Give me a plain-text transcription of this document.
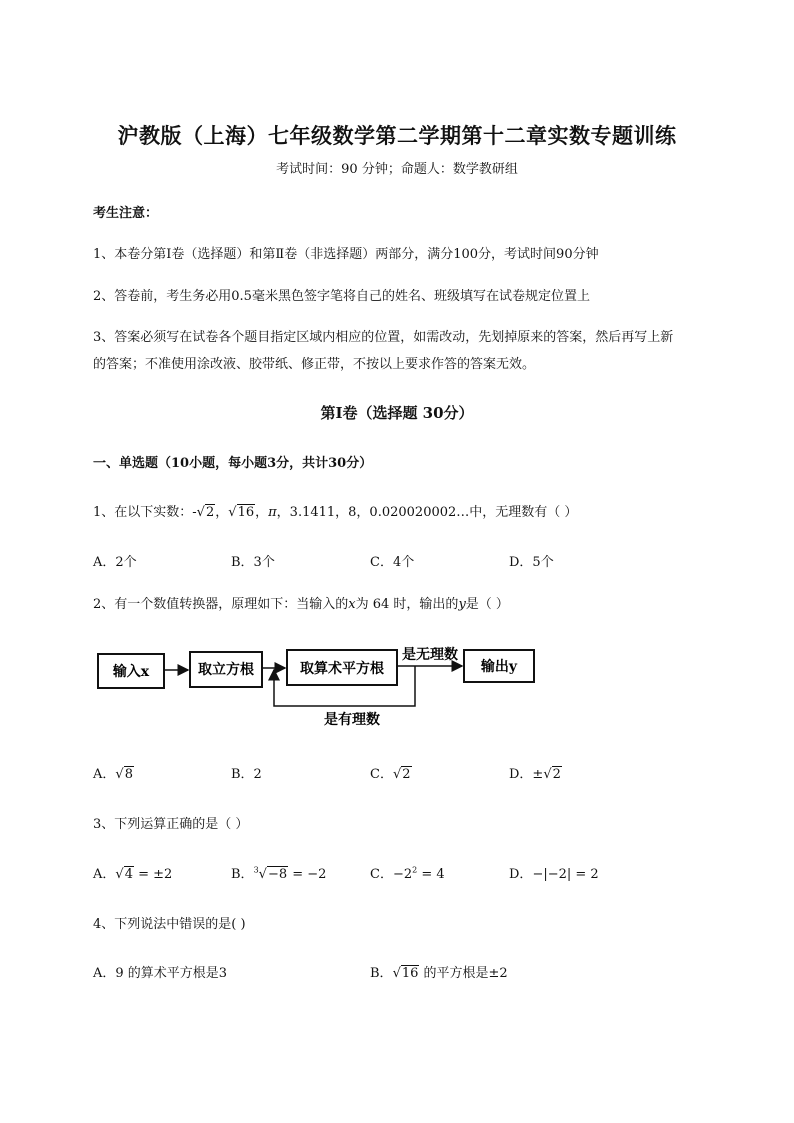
沪教版（上海）七年级数学第二学期第十二章实数专题训练
考试时间：90 分钟；命题人：数学教研组
考生注意：
1、本卷分第I卷（选择题）和第Ⅱ卷（非选择题）两部分，满分100分，考试时间90分钟
2、答卷前，考生务必用0.5毫米黑色签字笔将自己的姓名、班级填写在试卷规定位置上
3、答案必须写在试卷各个题目指定区域内相应的位置，如需改动，先划掉原来的答案，然后再写上新
的答案；不准使用涂改液、胶带纸、修正带，不按以上要求作答的答案无效。
第I卷（选择题 30分）
一、单选题（10小题，每小题3分，共计30分）
1、在以下实数：-√2，√16，π，3.1411，8，0.020020002…中，无理数有（ ）
A．2个	B．3个	C．4个	D．5个
2、有一个数值转换器，原理如下：当输入的x为 64 时，输出的y是（ ）
输入x	取立方根	取算术平方根	输出y
是无理数
是有理数
A．√8	B．2	C．√2	D．±√2
3、下列运算正确的是（ ）
A．√4 = ±2	B．$^3$√−8 = −2	C．$-2^2 = 4$	D．−|−2| = 2
4、下列说法中错误的是( )
A．9 的算术平方根是3	B．√16 的平方根是±2
